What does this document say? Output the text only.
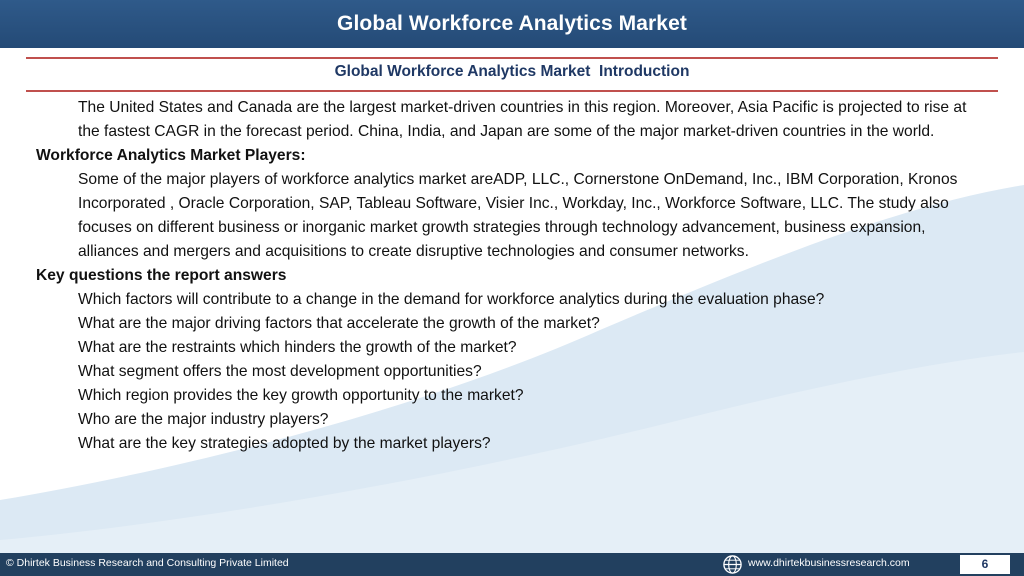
Global Workforce Analytics Market
Global Workforce Analytics Market  Introduction

The United States and Canada are the largest market-driven countries in this region. Moreover, Asia Pacific is projected to rise at the fastest CAGR in the forecast period. China, India, and Japan are some of the major market-driven countries in the world.

Workforce Analytics Market Players:

Some of the major players of workforce analytics market areADP, LLC., Cornerstone OnDemand, Inc., IBM Corporation, Kronos Incorporated , Oracle Corporation, SAP, Tableau Software, Visier Inc., Workday, Inc., Workforce Software, LLC. The study also focuses on different business or inorganic market growth strategies through technology advancement, business expansion, alliances and mergers and acquisitions to create disruptive technologies and consumer networks.

Key questions the report answers
Which factors will contribute to a change in the demand for workforce analytics during the evaluation phase?
What are the major driving factors that accelerate the growth of the market?
What are the restraints which hinders the growth of the market?
What segment offers the most development opportunities?
Which region provides the key growth opportunity to the market?
Who are the major industry players?
What are the key strategies adopted by the market players?
© Dhirtek Business Research and Consulting Private Limited	www.dhirtekbusinessresearch.com	6
